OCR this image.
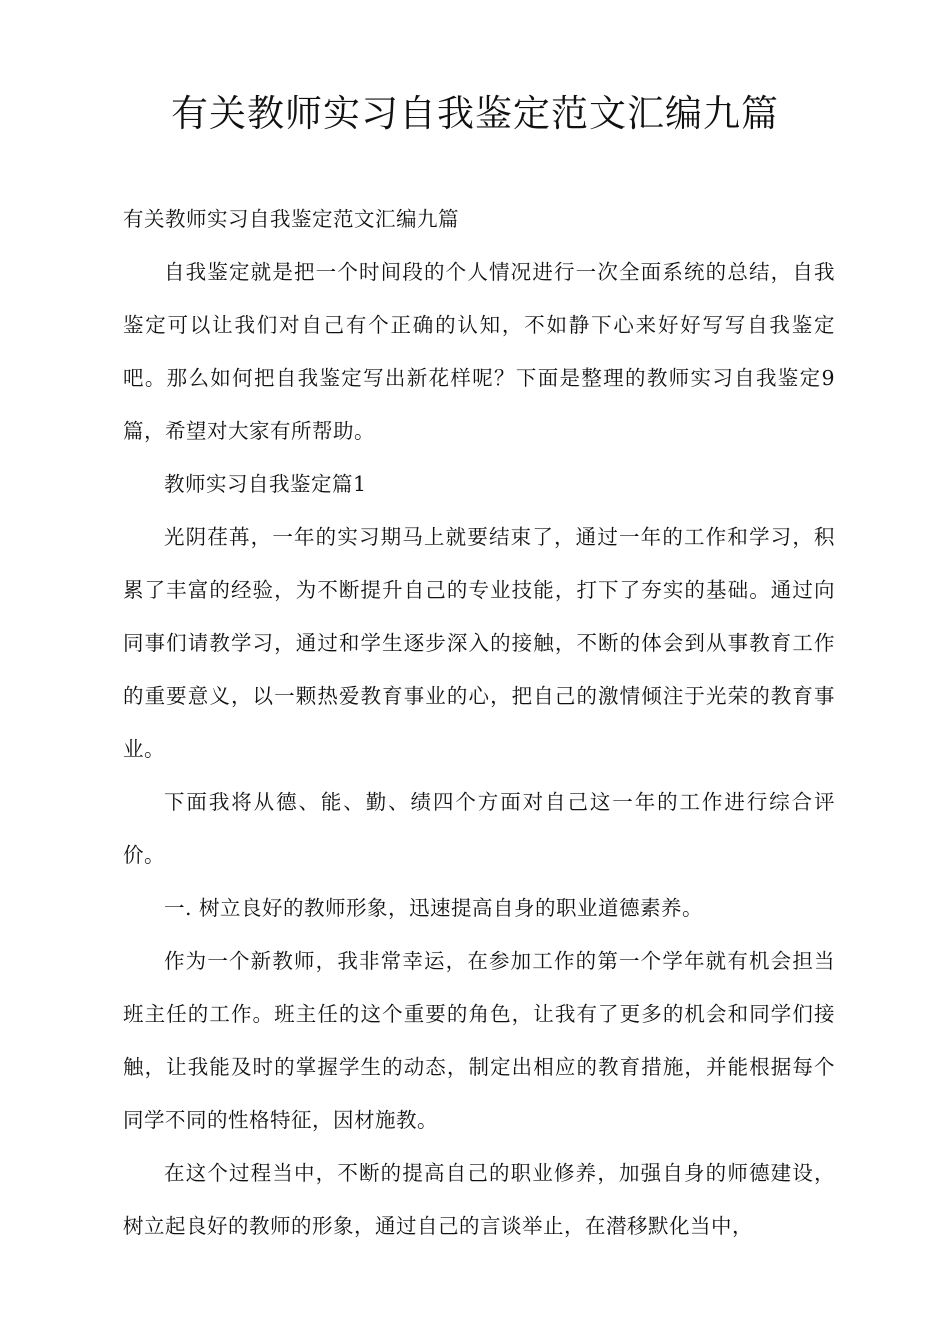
有关教师实习自我鉴定范文汇编九篇

有关教师实习自我鉴定范文汇编九篇

自我鉴定就是把一个时间段的个人情况进行一次全面系统的总结，自我鉴定可以让我们对自己有个正确的认知，不如静下心来好好写写自我鉴定吧。那么如何把自我鉴定写出新花样呢？下面是整理的教师实习自我鉴定9篇，希望对大家有所帮助。

教师实习自我鉴定篇1

光阴荏苒，一年的实习期马上就要结束了，通过一年的工作和学习，积累了丰富的经验，为不断提升自己的专业技能，打下了夯实的基础。通过向同事们请教学习，通过和学生逐步深入的接触，不断的体会到从事教育工作的重要意义，以一颗热爱教育事业的心，把自己的激情倾注于光荣的教育事业。

下面我将从德、能、勤、绩四个方面对自己这一年的工作进行综合评价。

一. 树立良好的教师形象，迅速提高自身的职业道德素养。

作为一个新教师，我非常幸运，在参加工作的第一个学年就有机会担当班主任的工作。班主任的这个重要的角色，让我有了更多的机会和同学们接触，让我能及时的掌握学生的动态，制定出相应的教育措施，并能根据每个同学不同的性格特征，因材施教。

在这个过程当中，不断的提高自己的职业修养，加强自身的师德建设，树立起良好的教师的形象，通过自己的言谈举止，在潜移默化当中，
